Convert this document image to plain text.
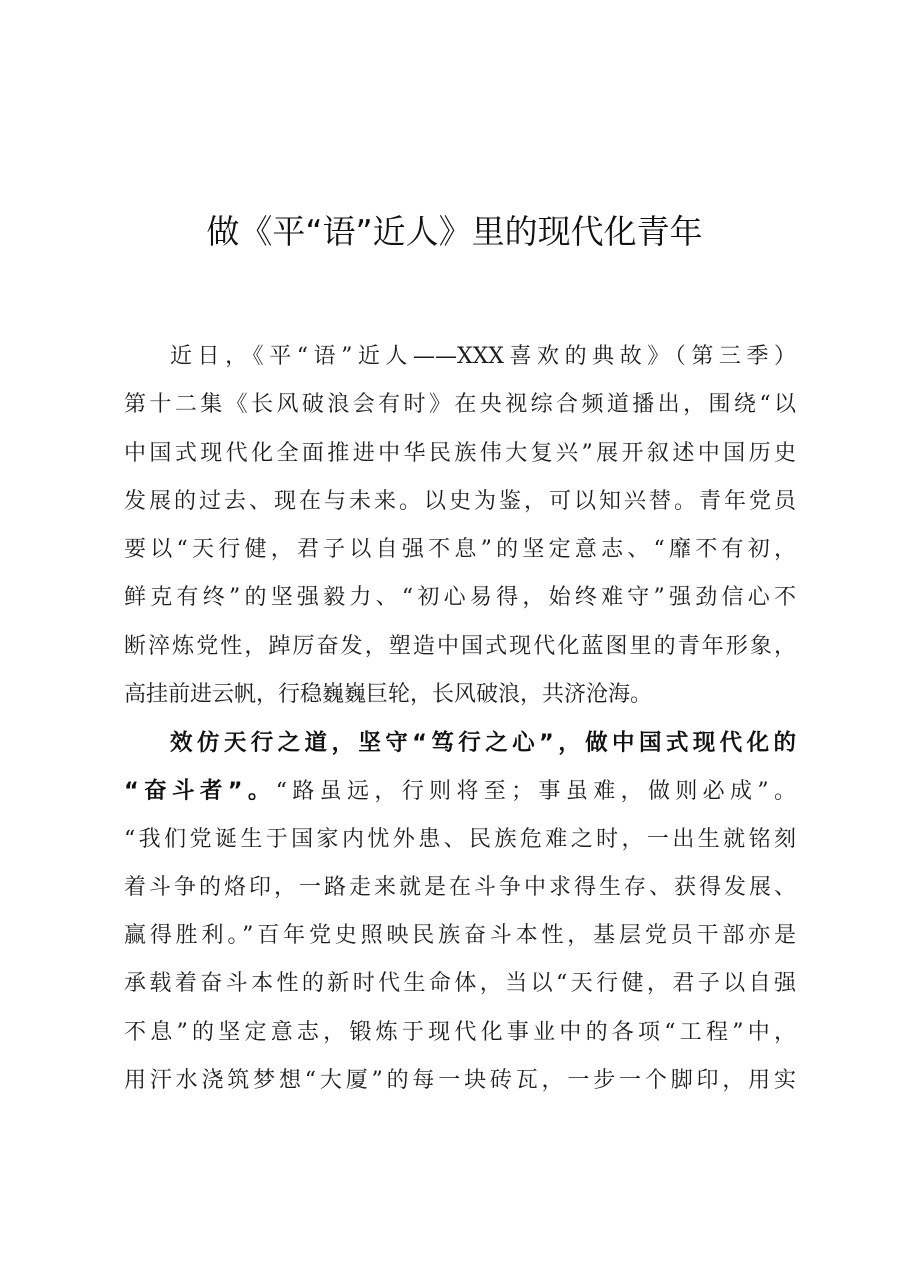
做《平“语”近人》里的现代化青年
近日，《平“语”近人——XXX喜欢的典故》（第三季）
第十二集《长风破浪会有时》在央视综合频道播出，围绕“以
中国式现代化全面推进中华民族伟大复兴”展开叙述中国历史
发展的过去、现在与未来。以史为鉴，可以知兴替。青年党员
要以“天行健，君子以自强不息”的坚定意志、“靡不有初，
鲜克有终”的坚强毅力、“初心易得，始终难守”强劲信心不
断淬炼党性，踔厉奋发，塑造中国式现代化蓝图里的青年形象，
高挂前进云帆，行稳巍巍巨轮，长风破浪，共济沧海。
效仿天行之道，坚守“笃行之心”，做中国式现代化的
“奋斗者”。“路虽远，行则将至；事虽难，做则必成”。
“我们党诞生于国家内忧外患、民族危难之时，一出生就铭刻
着斗争的烙印，一路走来就是在斗争中求得生存、获得发展、
赢得胜利。”百年党史照映民族奋斗本性，基层党员干部亦是
承载着奋斗本性的新时代生命体，当以“天行健，君子以自强
不息”的坚定意志，锻炼于现代化事业中的各项“工程”中，
用汗水浇筑梦想“大厦”的每一块砖瓦，一步一个脚印，用实
